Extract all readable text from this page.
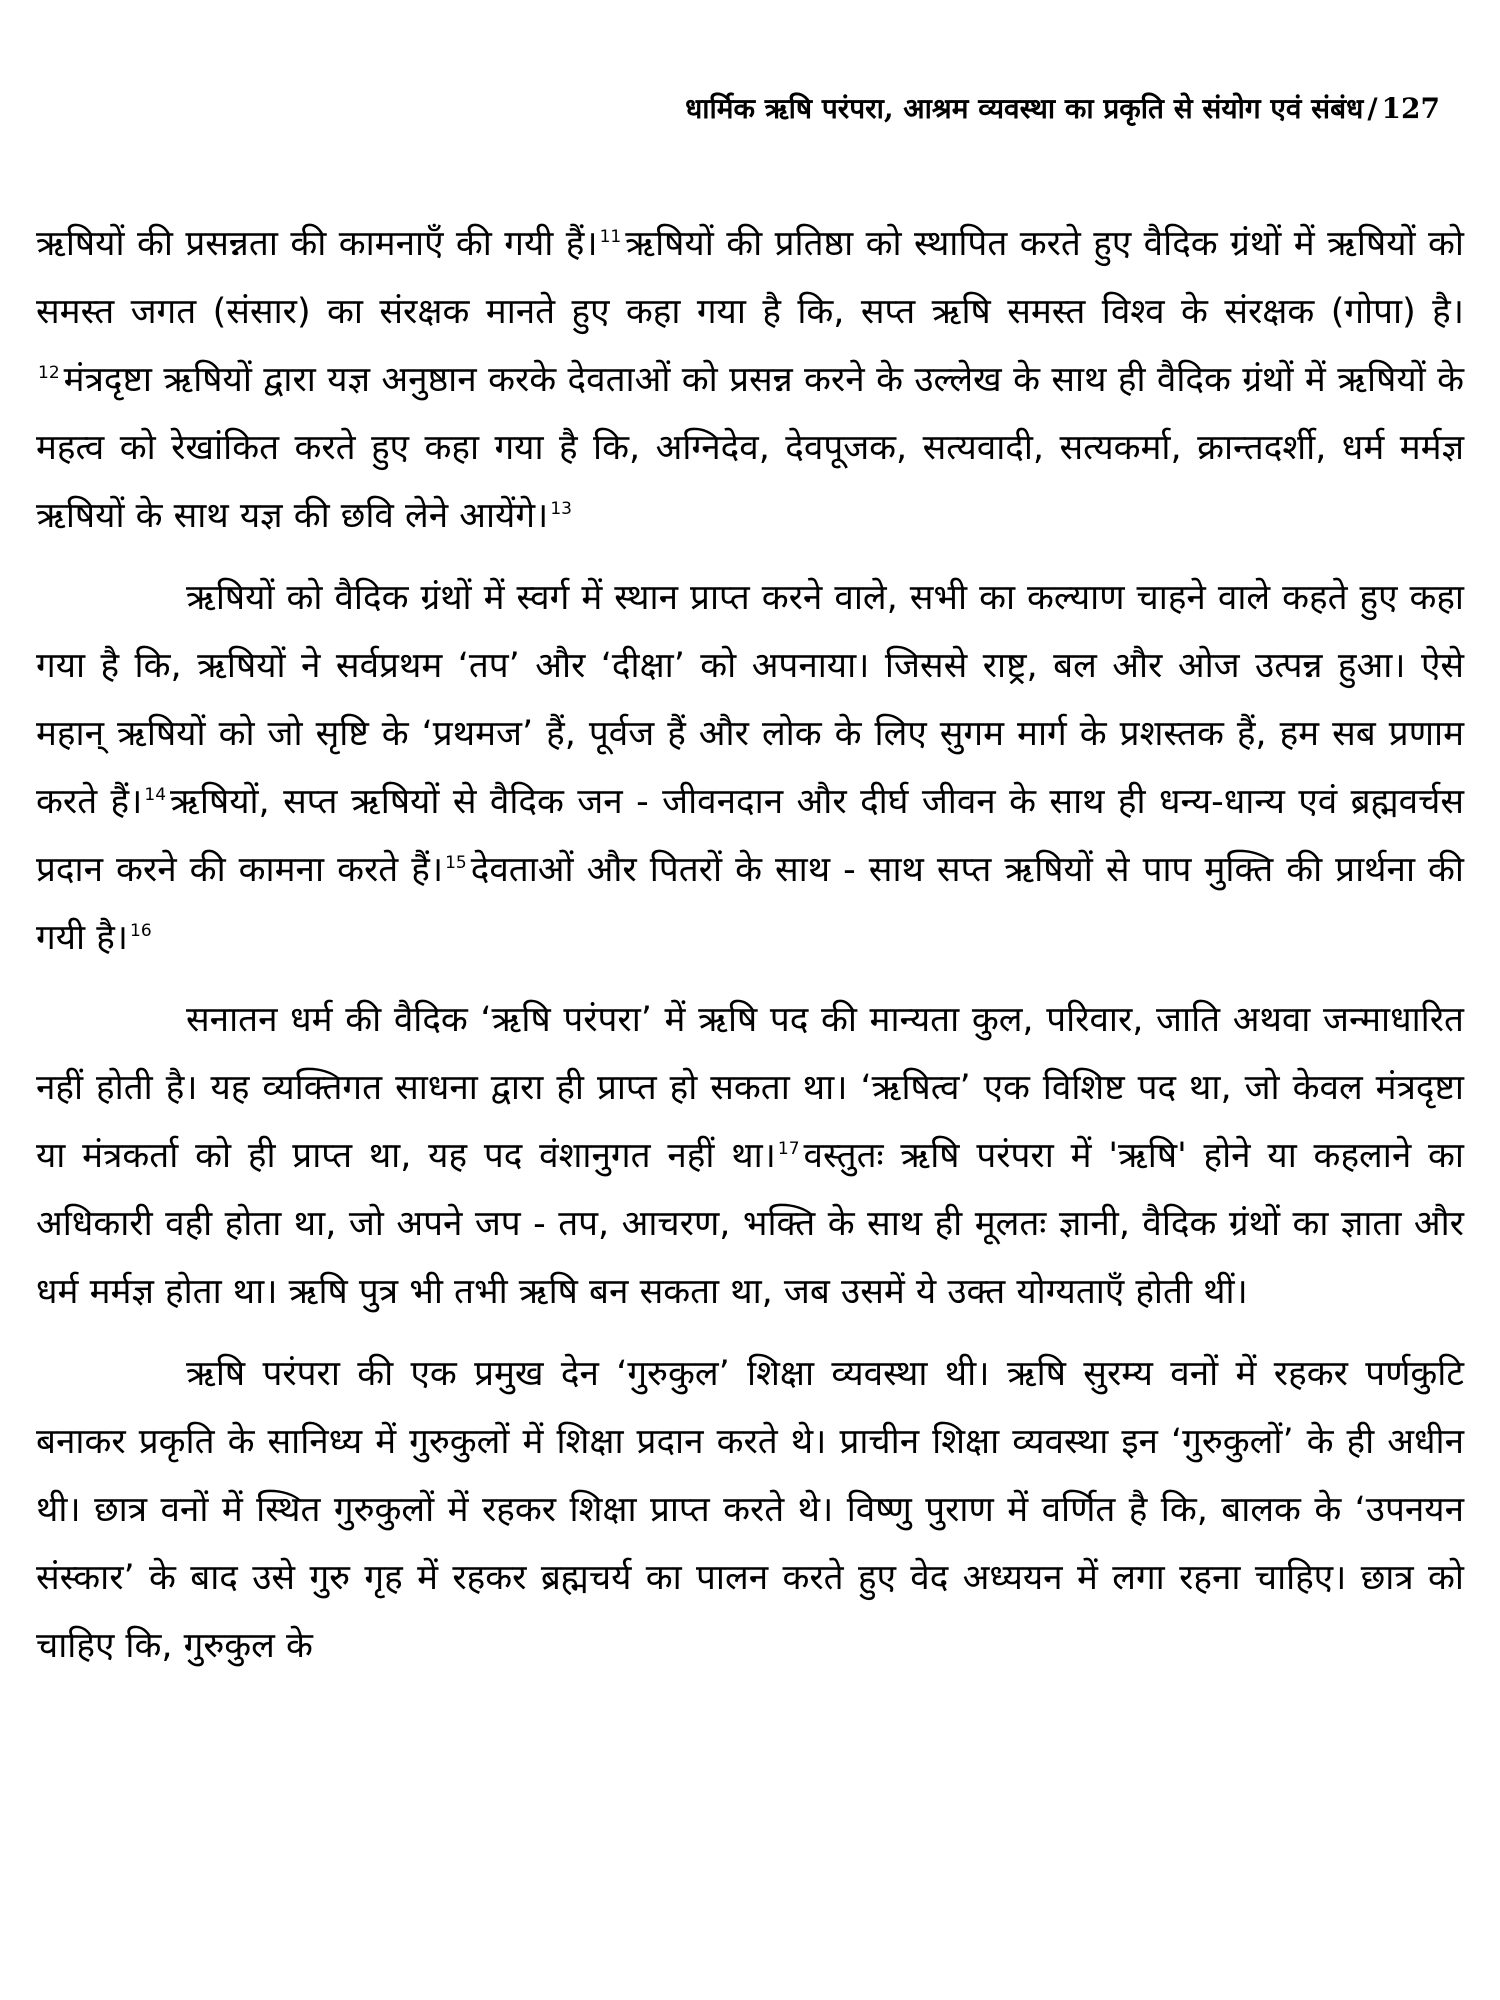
धार्मिक ऋषि परंपरा, आश्रम व्यवस्था का प्रकृति से संयोग एवं संबंध / 127

ऋषियों की प्रसन्नता की कामनाएँ की गयी हैं। $^{11}$ ऋषियों की प्रतिष्ठा को स्थापित करते हुए वैदिक ग्रंथों में ऋषियों को समस्त जगत (संसार) का संरक्षक मानते हुए कहा गया है कि, सप्त ऋषि समस्त विश्व के संरक्षक (गोपा) है।$^{12}$ मंत्रदृष्टा ऋषियों द्वारा यज्ञ अनुष्ठान करके देवताओं को प्रसन्न करने के उल्लेख के साथ ही वैदिक ग्रंथों में ऋषियों के महत्व को रेखांकित करते हुए कहा गया है कि, अग्निदेव, देवपूजक, सत्यवादी, सत्यकर्मा, क्रान्तदर्शी, धर्म मर्मज्ञ ऋषियों के साथ यज्ञ की छवि लेने आयेंगे। $^{13}$

ऋषियों को वैदिक ग्रंथों में स्वर्ग में स्थान प्राप्त करने वाले, सभी का कल्याण चाहने वाले कहते हुए कहा गया है कि, ऋषियों ने सर्वप्रथम ‘तप’ और ‘दीक्षा’ को अपनाया। जिससे राष्ट्र, बल और ओज उत्पन्न हुआ। ऐसे महान् ऋषियों को जो सृष्टि के ‘प्रथमज’ हैं, पूर्वज हैं और लोक के लिए सुगम मार्ग के प्रशस्तक हैं, हम सब प्रणाम करते हैं। $^{14}$ ऋषियों, सप्त ऋषियों से वैदिक जन - जीवनदान और दीर्घ जीवन के साथ ही धन्य-धान्य एवं ब्रह्मवर्चस प्रदान करने की कामना करते हैं। $^{15}$ देवताओं और पितरों के साथ - साथ सप्त ऋषियों से पाप मुक्ति की प्रार्थना की गयी है। $^{16}$

सनातन धर्म की वैदिक ‘ऋषि परंपरा’ में ऋषि पद की मान्यता कुल, परिवार, जाति अथवा जन्माधारित नहीं होती है। यह व्यक्तिगत साधना द्वारा ही प्राप्त हो सकता था। ‘ऋषित्व’ एक विशिष्ट पद था, जो केवल मंत्रदृष्टा या मंत्रकर्ता को ही प्राप्त था, यह पद वंशानुगत नहीं था। $^{17}$ वस्तुतः ऋषि परंपरा में 'ऋषि' होने या कहलाने का अधिकारी वही होता था, जो अपने जप - तप, आचरण, भक्ति के साथ ही मूलतः ज्ञानी, वैदिक ग्रंथों का ज्ञाता और धर्म मर्मज्ञ होता था। ऋषि पुत्र भी तभी ऋषि बन सकता था, जब उसमें ये उक्त योग्यताएँ होती थीं।

ऋषि परंपरा की एक प्रमुख देन ‘गुरुकुल’ शिक्षा व्यवस्था थी। ऋषि सुरम्य वनों में रहकर पर्णकुटि बनाकर प्रकृति के सानिध्य में गुरुकुलों में शिक्षा प्रदान करते थे। प्राचीन शिक्षा व्यवस्था इन ‘गुरुकुलों’ के ही अधीन थी। छात्र वनों में स्थित गुरुकुलों में रहकर शिक्षा प्राप्त करते थे। विष्णु पुराण में वर्णित है कि, बालक के ‘उपनयन संस्कार’ के बाद उसे गुरु गृह में रहकर ब्रह्मचर्य का पालन करते हुए वेद अध्ययन में लगा रहना चाहिए। छात्र को चाहिए कि, गुरुकुल के
